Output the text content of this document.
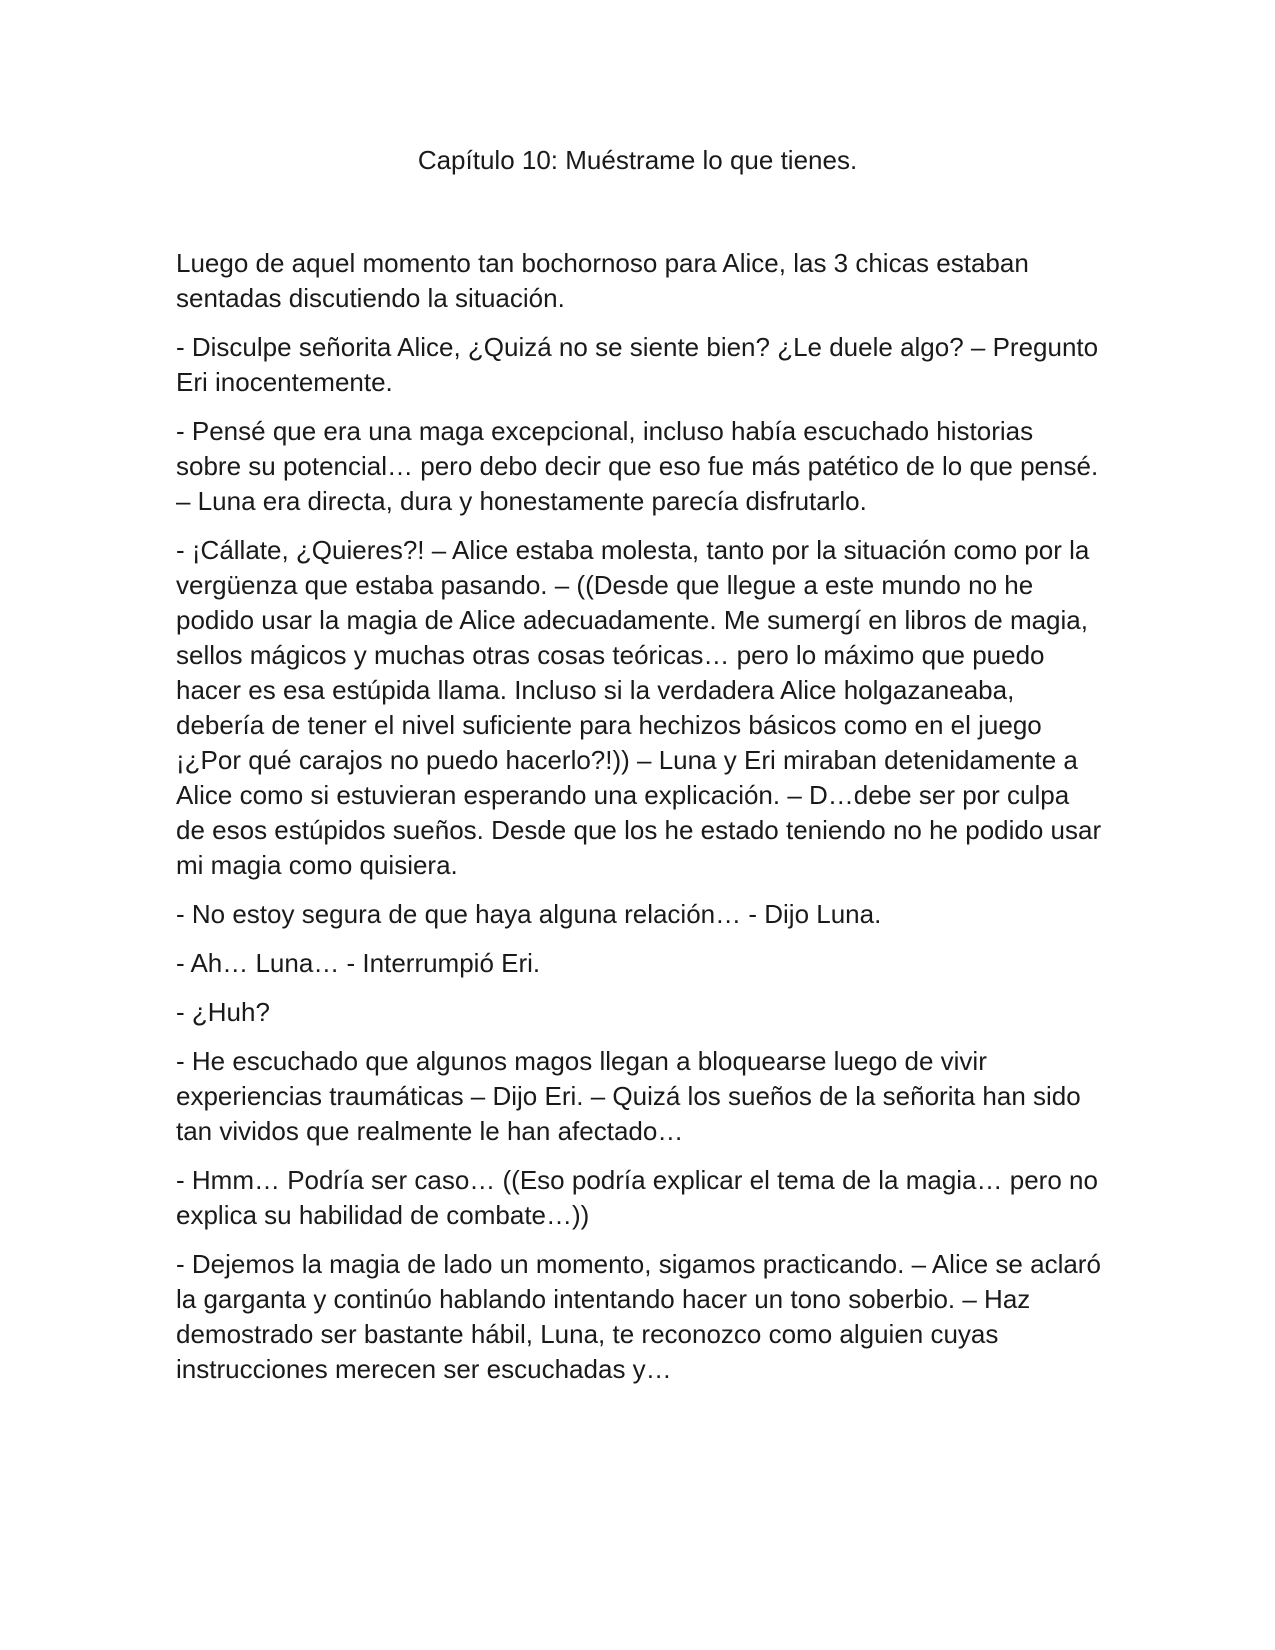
Capítulo 10: Muéstrame lo que tienes.

Luego de aquel momento tan bochornoso para Alice, las 3 chicas estaban sentadas discutiendo la situación.

- Disculpe señorita Alice, ¿Quizá no se siente bien? ¿Le duele algo? – Pregunto Eri inocentemente.

- Pensé que era una maga excepcional, incluso había escuchado historias sobre su potencial… pero debo decir que eso fue más patético de lo que pensé. – Luna era directa, dura y honestamente parecía disfrutarlo.

- ¡Cállate, ¿Quieres?! – Alice estaba molesta, tanto por la situación como por la vergüenza que estaba pasando. – ((Desde que llegue a este mundo no he podido usar la magia de Alice adecuadamente. Me sumergí en libros de magia, sellos mágicos y muchas otras cosas teóricas… pero lo máximo que puedo hacer es esa estúpida llama. Incluso si la verdadera Alice holgazaneaba, debería de tener el nivel suficiente para hechizos básicos como en el juego ¡¿Por qué carajos no puedo hacerlo?!)) – Luna y Eri miraban detenidamente a Alice como si estuvieran esperando una explicación. – D…debe ser por culpa de esos estúpidos sueños. Desde que los he estado teniendo no he podido usar mi magia como quisiera.

- No estoy segura de que haya alguna relación… - Dijo Luna.

- Ah… Luna… - Interrumpió Eri.

- ¿Huh?

- He escuchado que algunos magos llegan a bloquearse luego de vivir experiencias traumáticas – Dijo Eri. – Quizá los sueños de la señorita han sido tan vividos que realmente le han afectado…

- Hmm… Podría ser caso… ((Eso podría explicar el tema de la magia… pero no explica su habilidad de combate…))

- Dejemos la magia de lado un momento, sigamos practicando. – Alice se aclaró la garganta y continúo hablando intentando hacer un tono soberbio. – Haz demostrado ser bastante hábil, Luna, te reconozco como alguien cuyas instrucciones merecen ser escuchadas y…
